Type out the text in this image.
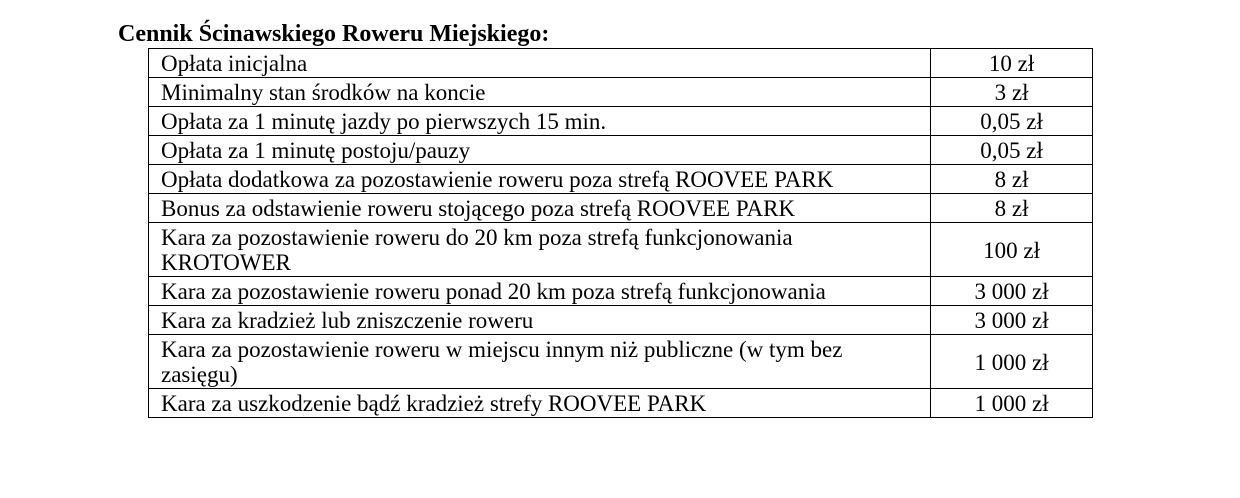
Cennik Ścinawskiego Roweru Miejskiego:
Opłata inicjalna	10 zł
Minimalny stan środków na koncie	3 zł
Opłata za 1 minutę jazdy po pierwszych 15 min.	0,05 zł
Opłata za 1 minutę postoju/pauzy	0,05 zł
Opłata dodatkowa za pozostawienie roweru poza strefą ROOVEE PARK	8 zł
Bonus za odstawienie roweru stojącego poza strefą ROOVEE PARK	8 zł
Kara za pozostawienie roweru do 20 km poza strefą funkcjonowania KROTOWER	100 zł
Kara za pozostawienie roweru ponad 20 km poza strefą funkcjonowania	3 000 zł
Kara za kradzież lub zniszczenie roweru	3 000 zł
Kara za pozostawienie roweru w miejscu innym niż publiczne (w tym bez zasięgu)	1 000 zł
Kara za uszkodzenie bądź kradzież strefy ROOVEE PARK	1 000 zł
